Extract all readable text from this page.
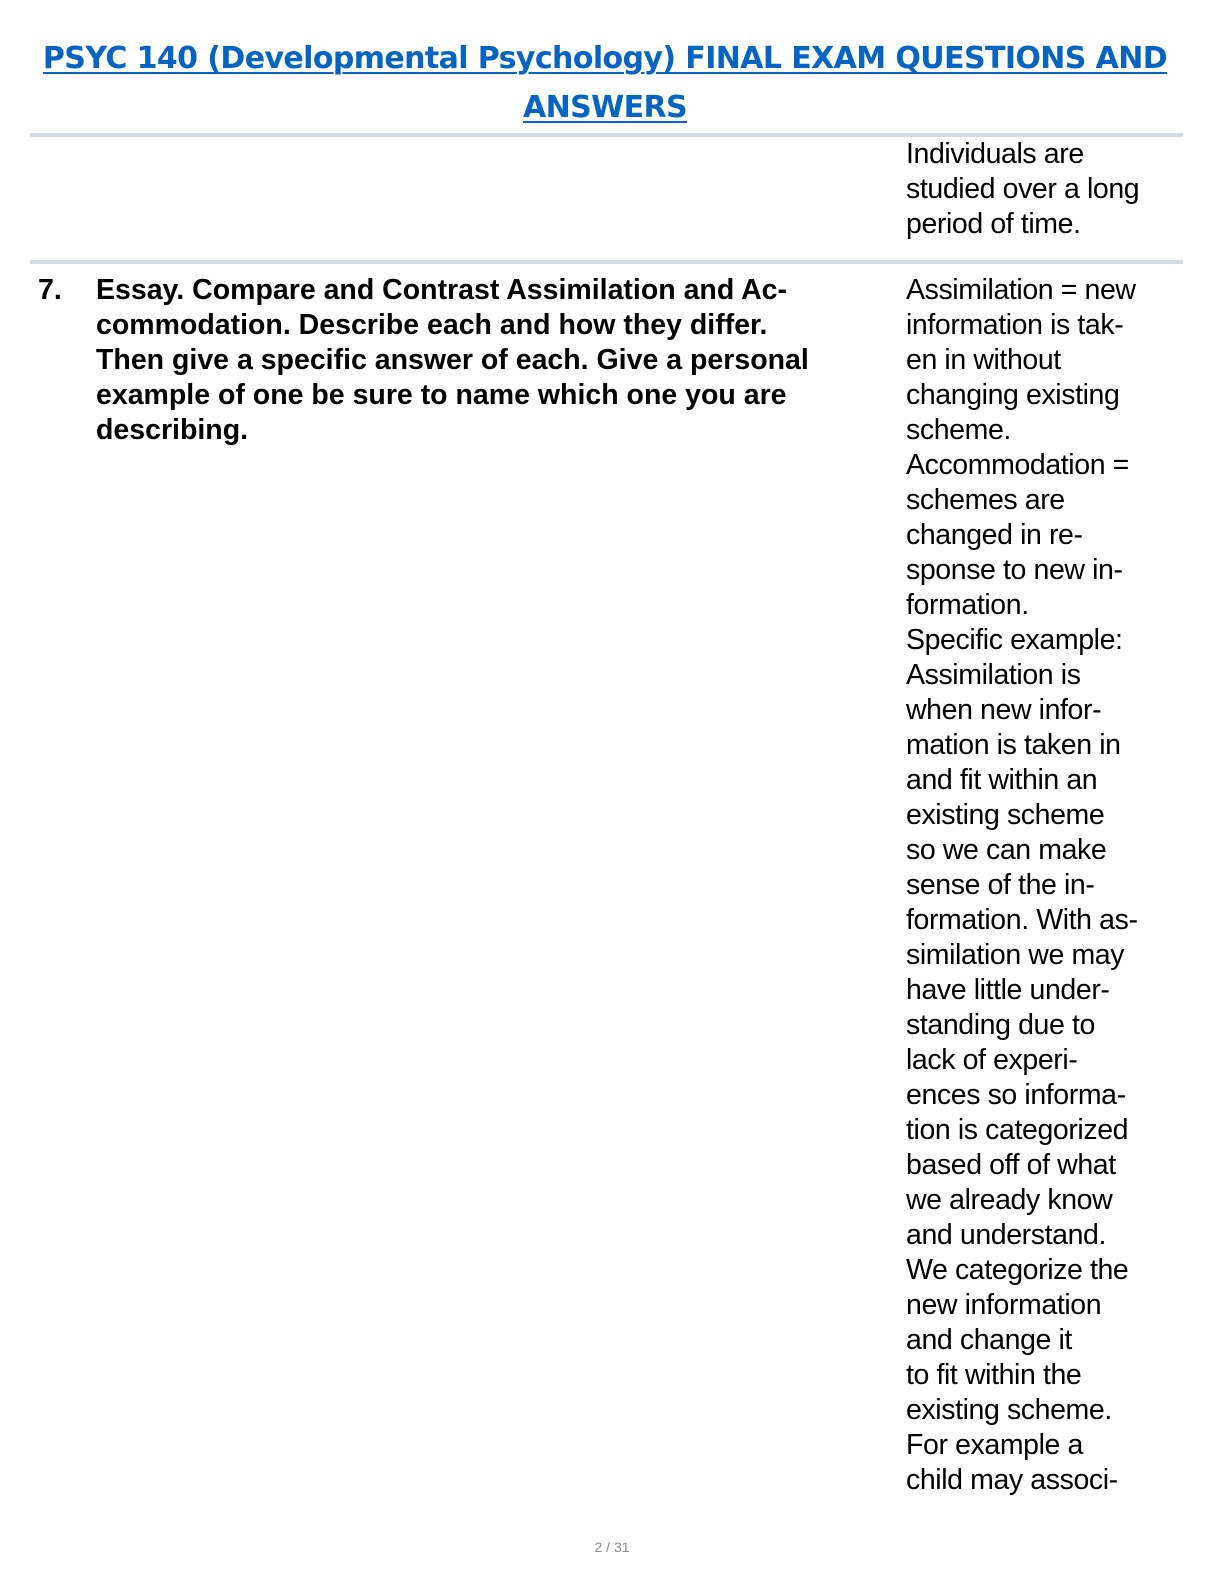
PSYC 140 (Developmental Psychology) FINAL EXAM QUESTIONS AND
ANSWERS
Individuals are
studied over a long
period of time.
7. Essay. Compare and Contrast Assimilation and Ac-
commodation. Describe each and how they differ.
Then give a specific answer of each. Give a personal
example of one be sure to name which one you are
describing.
Assimilation = new
information is tak-
en in without
changing existing
scheme.
Accommodation =
schemes are
changed in re-
sponse to new in-
formation.
Specific example:
Assimilation is
when new infor-
mation is taken in
and fit within an
existing scheme
so we can make
sense of the in-
formation. With as-
similation we may
have little under-
standing due to
lack of experi-
ences so informa-
tion is categorized
based off of what
we already know
and understand.
We categorize the
new information
and change it
to fit within the
existing scheme.
For example a
child may associ-
2 / 31
